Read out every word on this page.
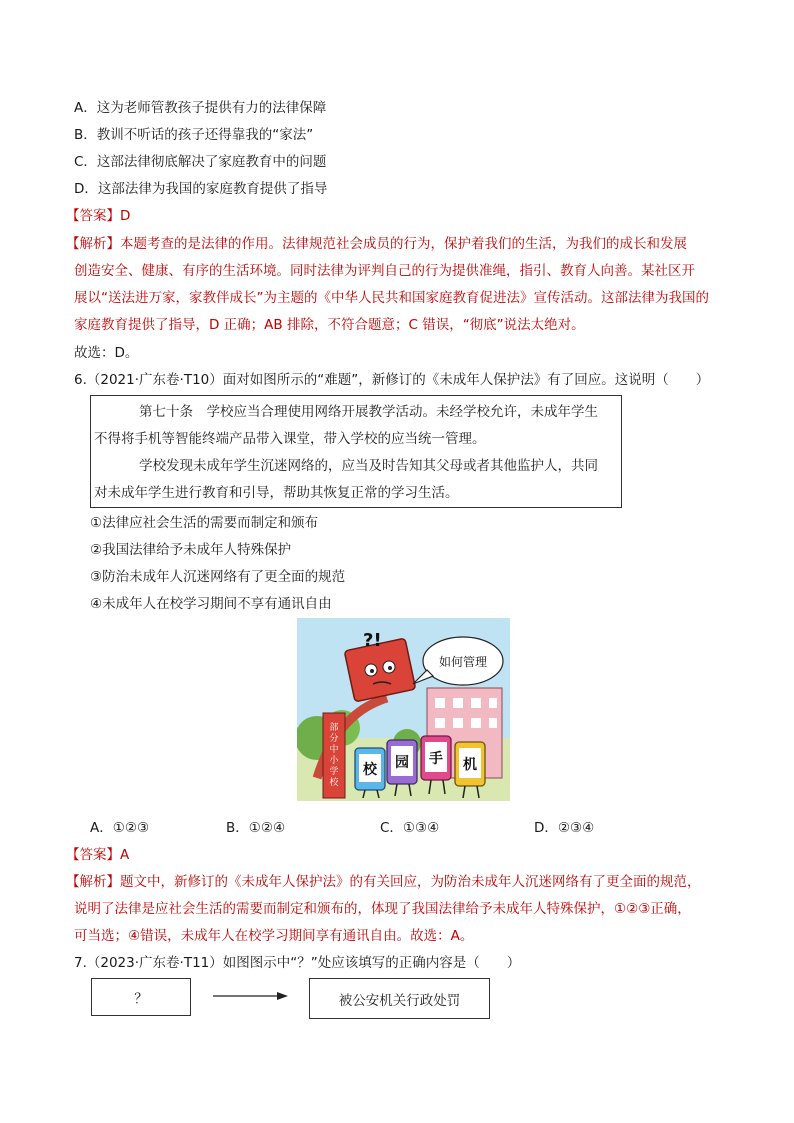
A．这为老师管教孩子提供有力的法律保障
B．教训不听话的孩子还得靠我的“家法”
C．这部法律彻底解决了家庭教育中的问题
D．这部法律为我国的家庭教育提供了指导
【答案】D
【解析】本题考查的是法律的作用。法律规范社会成员的行为，保护着我们的生活，为我们的成长和发展
创造安全、健康、有序的生活环境。同时法律为评判自己的行为提供准绳，指引、教育人向善。某社区开
展以“送法进万家，家教伴成长”为主题的《中华人民共和国家庭教育促进法》宣传活动。这部法律为我国的
家庭教育提供了指导，D 正确；AB 排除，不符合题意；C 错误，“彻底”说法太绝对。
故选：D。
6.（2021·广东卷·T10）面对如图所示的“难题”，新修订的《未成年人保护法》有了回应。这说明（　　）
第七十条　学校应当合理使用网络开展教学活动。未经学校允许，未成年学生
不得将手机等智能终端产品带入课堂，带入学校的应当统一管理。
学校发现未成年学生沉迷网络的，应当及时告知其父母或者其他监护人，共同
对未成年学生进行教育和引导，帮助其恢复正常的学习生活。
①法律应社会生活的需要而制定和颁布
②我国法律给予未成年人特殊保护
③防治未成年人沉迷网络有了更全面的规范
④未成年人在校学习期间不享有通讯自由
部
分
中
小
学
校
?!
如何管理
校 园 手 机
A．①②③	B．①②④	C．①③④	D．②③④
【答案】A
【解析】题文中，新修订的《未成年人保护法》的有关回应，为防治未成年人沉迷网络有了更全面的规范，
说明了法律是应社会生活的需要而制定和颁布的，体现了我国法律给予未成年人特殊保护，①②③正确，
可当选；④错误，未成年人在校学习期间享有通讯自由。故选：A。
7.（2023·广东卷·T11）如图图示中“？”处应该填写的正确内容是（　　）
？	被公安机关行政处罚
